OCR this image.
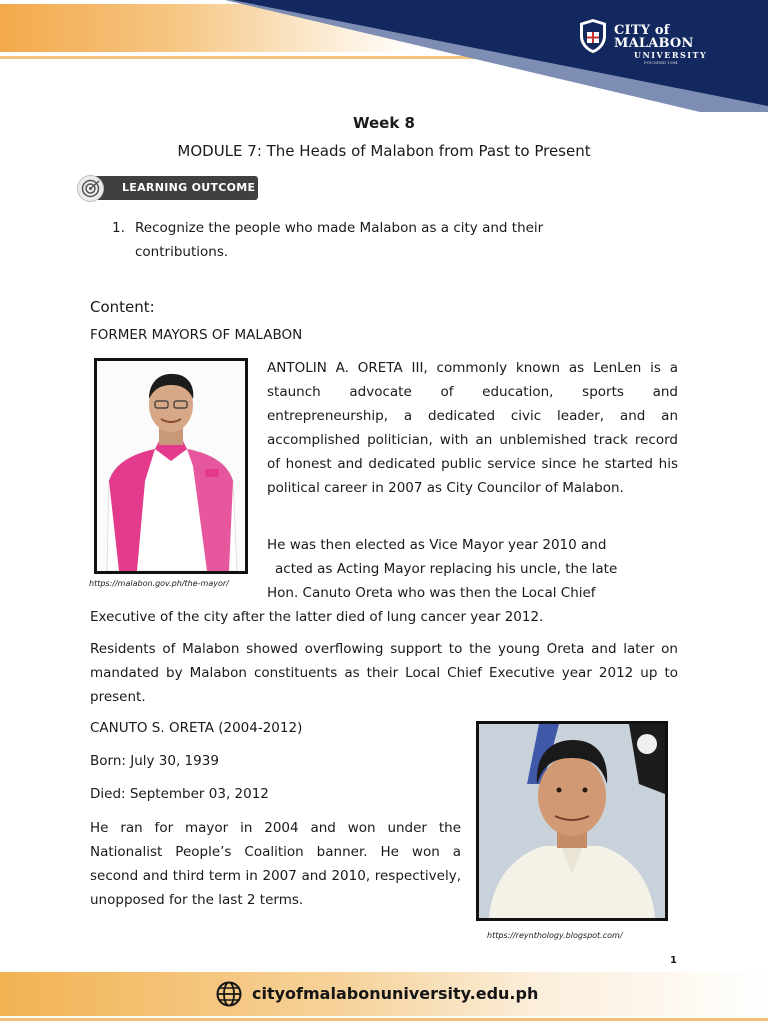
CITY of MALABON
UNIVERSITY
FOUNDED 1994
Week 8
MODULE 7: The Heads of Malabon from Past to Present
LEARNING OUTCOME
1. Recognize the people who made Malabon as a city and their contributions.
Content:
FORMER MAYORS OF MALABON
https://malabon.gov.ph/the-mayor/
ANTOLIN A. ORETA III, commonly known as LenLen is a staunch advocate of education, sports and entrepreneurship, a dedicated civic leader, and an accomplished politician, with an unblemished track record of honest and dedicated public service since he started his political career in 2007 as City Councilor of Malabon.
He was then elected as Vice Mayor year 2010 and
acted as Acting Mayor replacing his uncle, the late
Hon. Canuto Oreta who was then the Local Chief
Executive of the city after the latter died of lung cancer year 2012.
Residents of Malabon showed overflowing support to the young Oreta and later on mandated by Malabon constituents as their Local Chief Executive year 2012 up to present.
CANUTO S. ORETA (2004-2012)
Born: July 30, 1939
Died: September 03, 2012
He ran for mayor in 2004 and won under the Nationalist People’s Coalition banner. He won a second and third term in 2007 and 2010, respectively, unopposed for the last 2 terms.
https://reynthology.blogspot.com/
1
cityofmalabonuniversity.edu.ph
